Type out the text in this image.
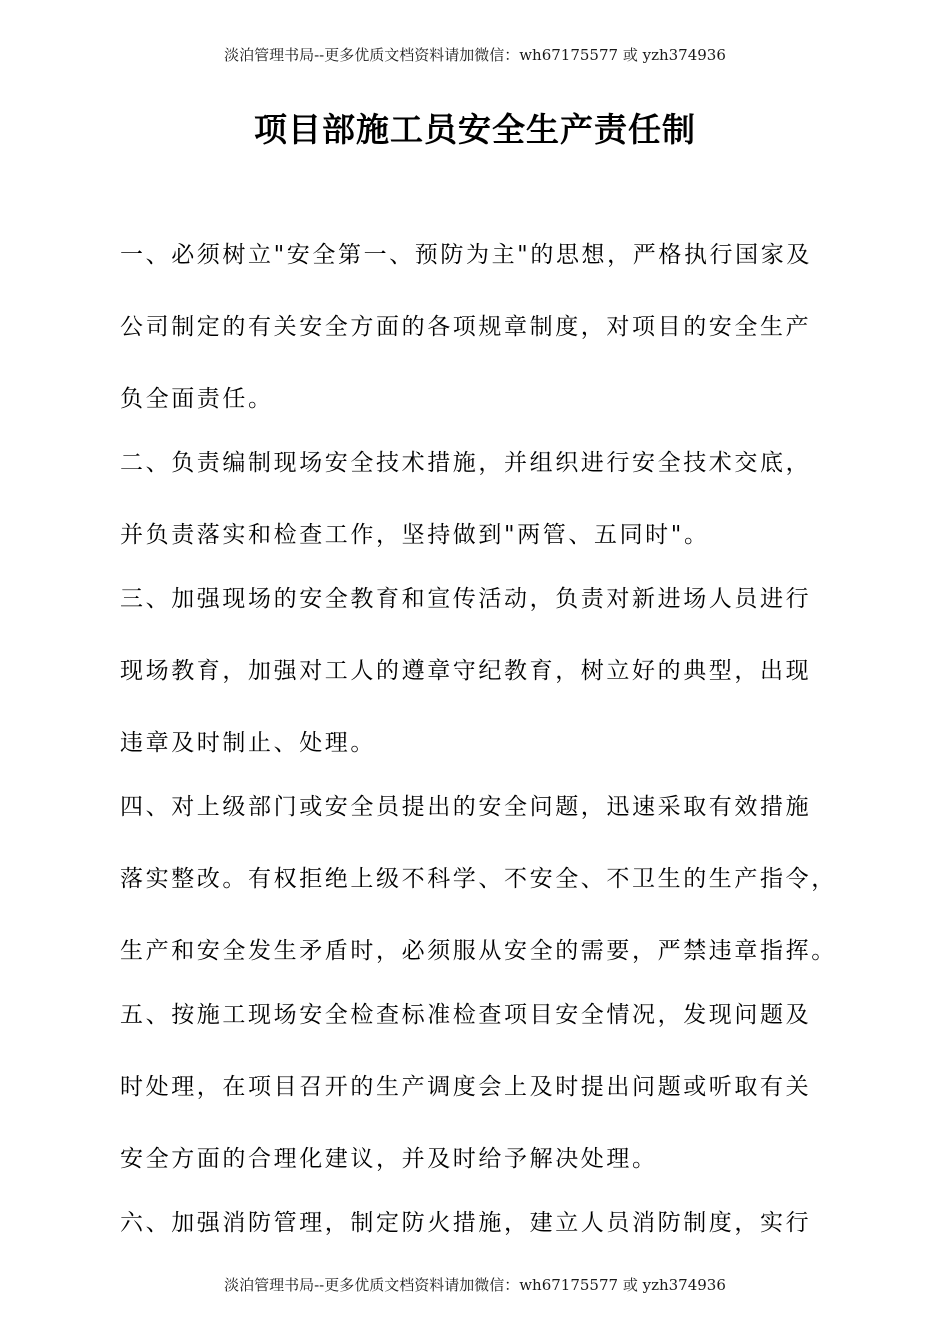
淡泊管理书局--更多优质文档资料请加微信：wh67175577 或 yzh374936
项目部施工员安全生产责任制
一、必须树立"安全第一、预防为主"的思想，严格执行国家及
公司制定的有关安全方面的各项规章制度，对项目的安全生产
负全面责任。
二、负责编制现场安全技术措施，并组织进行安全技术交底，
并负责落实和检查工作，坚持做到"两管、五同时"。
三、加强现场的安全教育和宣传活动，负责对新进场人员进行
现场教育，加强对工人的遵章守纪教育，树立好的典型，出现
违章及时制止、处理。
四、对上级部门或安全员提出的安全问题，迅速采取有效措施
落实整改。有权拒绝上级不科学、不安全、不卫生的生产指令，
生产和安全发生矛盾时，必须服从安全的需要，严禁违章指挥。
五、按施工现场安全检查标准检查项目安全情况，发现问题及
时处理，在项目召开的生产调度会上及时提出问题或听取有关
安全方面的合理化建议，并及时给予解决处理。
六、加强消防管理，制定防火措施，建立人员消防制度，实行
淡泊管理书局--更多优质文档资料请加微信：wh67175577 或 yzh374936
